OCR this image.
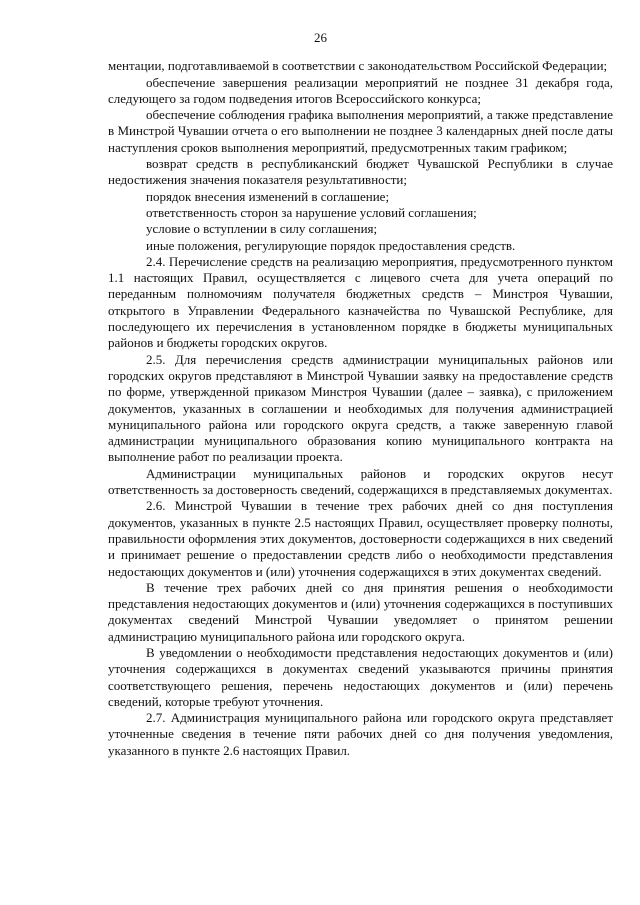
26

ментации, подготавливаемой в соответствии с законодательством Российской Федерации;

обеспечение завершения реализации мероприятий не позднее 31 декабря года, следующего за годом подведения итогов Всероссийского конкурса;

обеспечение соблюдения графика выполнения мероприятий, а также представление в Минстрой Чувашии отчета о его выполнении не позднее 3 календарных дней после даты наступления сроков выполнения мероприятий, предусмотренных таким графиком;

возврат средств в республиканский бюджет Чувашской Республики в случае недостижения значения показателя результативности;

порядок внесения изменений в соглашение;

ответственность сторон за нарушение условий соглашения;

условие о вступлении в силу соглашения;

иные положения, регулирующие порядок предоставления средств.

2.4. Перечисление средств на реализацию мероприятия, предусмотренного пунктом 1.1 настоящих Правил, осуществляется с лицевого счета для учета операций по переданным полномочиям получателя бюджетных средств – Минстроя Чувашии, открытого в Управлении Федерального казначейства по Чувашской Республике, для последующего их перечисления в установленном порядке в бюджеты муниципальных районов и бюджеты городских округов.

2.5. Для перечисления средств администрации муниципальных районов или городских округов представляют в Минстрой Чувашии заявку на предоставление средств по форме, утвержденной приказом Минстроя Чувашии (далее – заявка), с приложением документов, указанных в соглашении и необходимых для получения администрацией муниципального района или городского округа средств, а также заверенную главой администрации муниципального образования копию муниципального контракта на выполнение работ по реализации проекта.

Администрации муниципальных районов и городских округов несут ответственность за достоверность сведений, содержащихся в представляемых документах.

2.6. Минстрой Чувашии в течение трех рабочих дней со дня поступления документов, указанных в пункте 2.5 настоящих Правил, осуществляет проверку полноты, правильности оформления этих документов, достоверности содержащихся в них сведений и принимает решение о предоставлении средств либо о необходимости представления недостающих документов и (или) уточнения содержащихся в этих документах сведений.

В течение трех рабочих дней со дня принятия решения о необходимости представления недостающих документов и (или) уточнения содержащихся в поступивших документах сведений Минстрой Чувашии уведомляет о принятом решении администрацию муниципального района или городского округа.

В уведомлении о необходимости представления недостающих документов и (или) уточнения содержащихся в документах сведений указываются причины принятия соответствующего решения, перечень недостающих документов и (или) перечень сведений, которые требуют уточнения.

2.7. Администрация муниципального района или городского округа представляет уточненные сведения в течение пяти рабочих дней со дня получения уведомления, указанного в пункте 2.6 настоящих Правил.
